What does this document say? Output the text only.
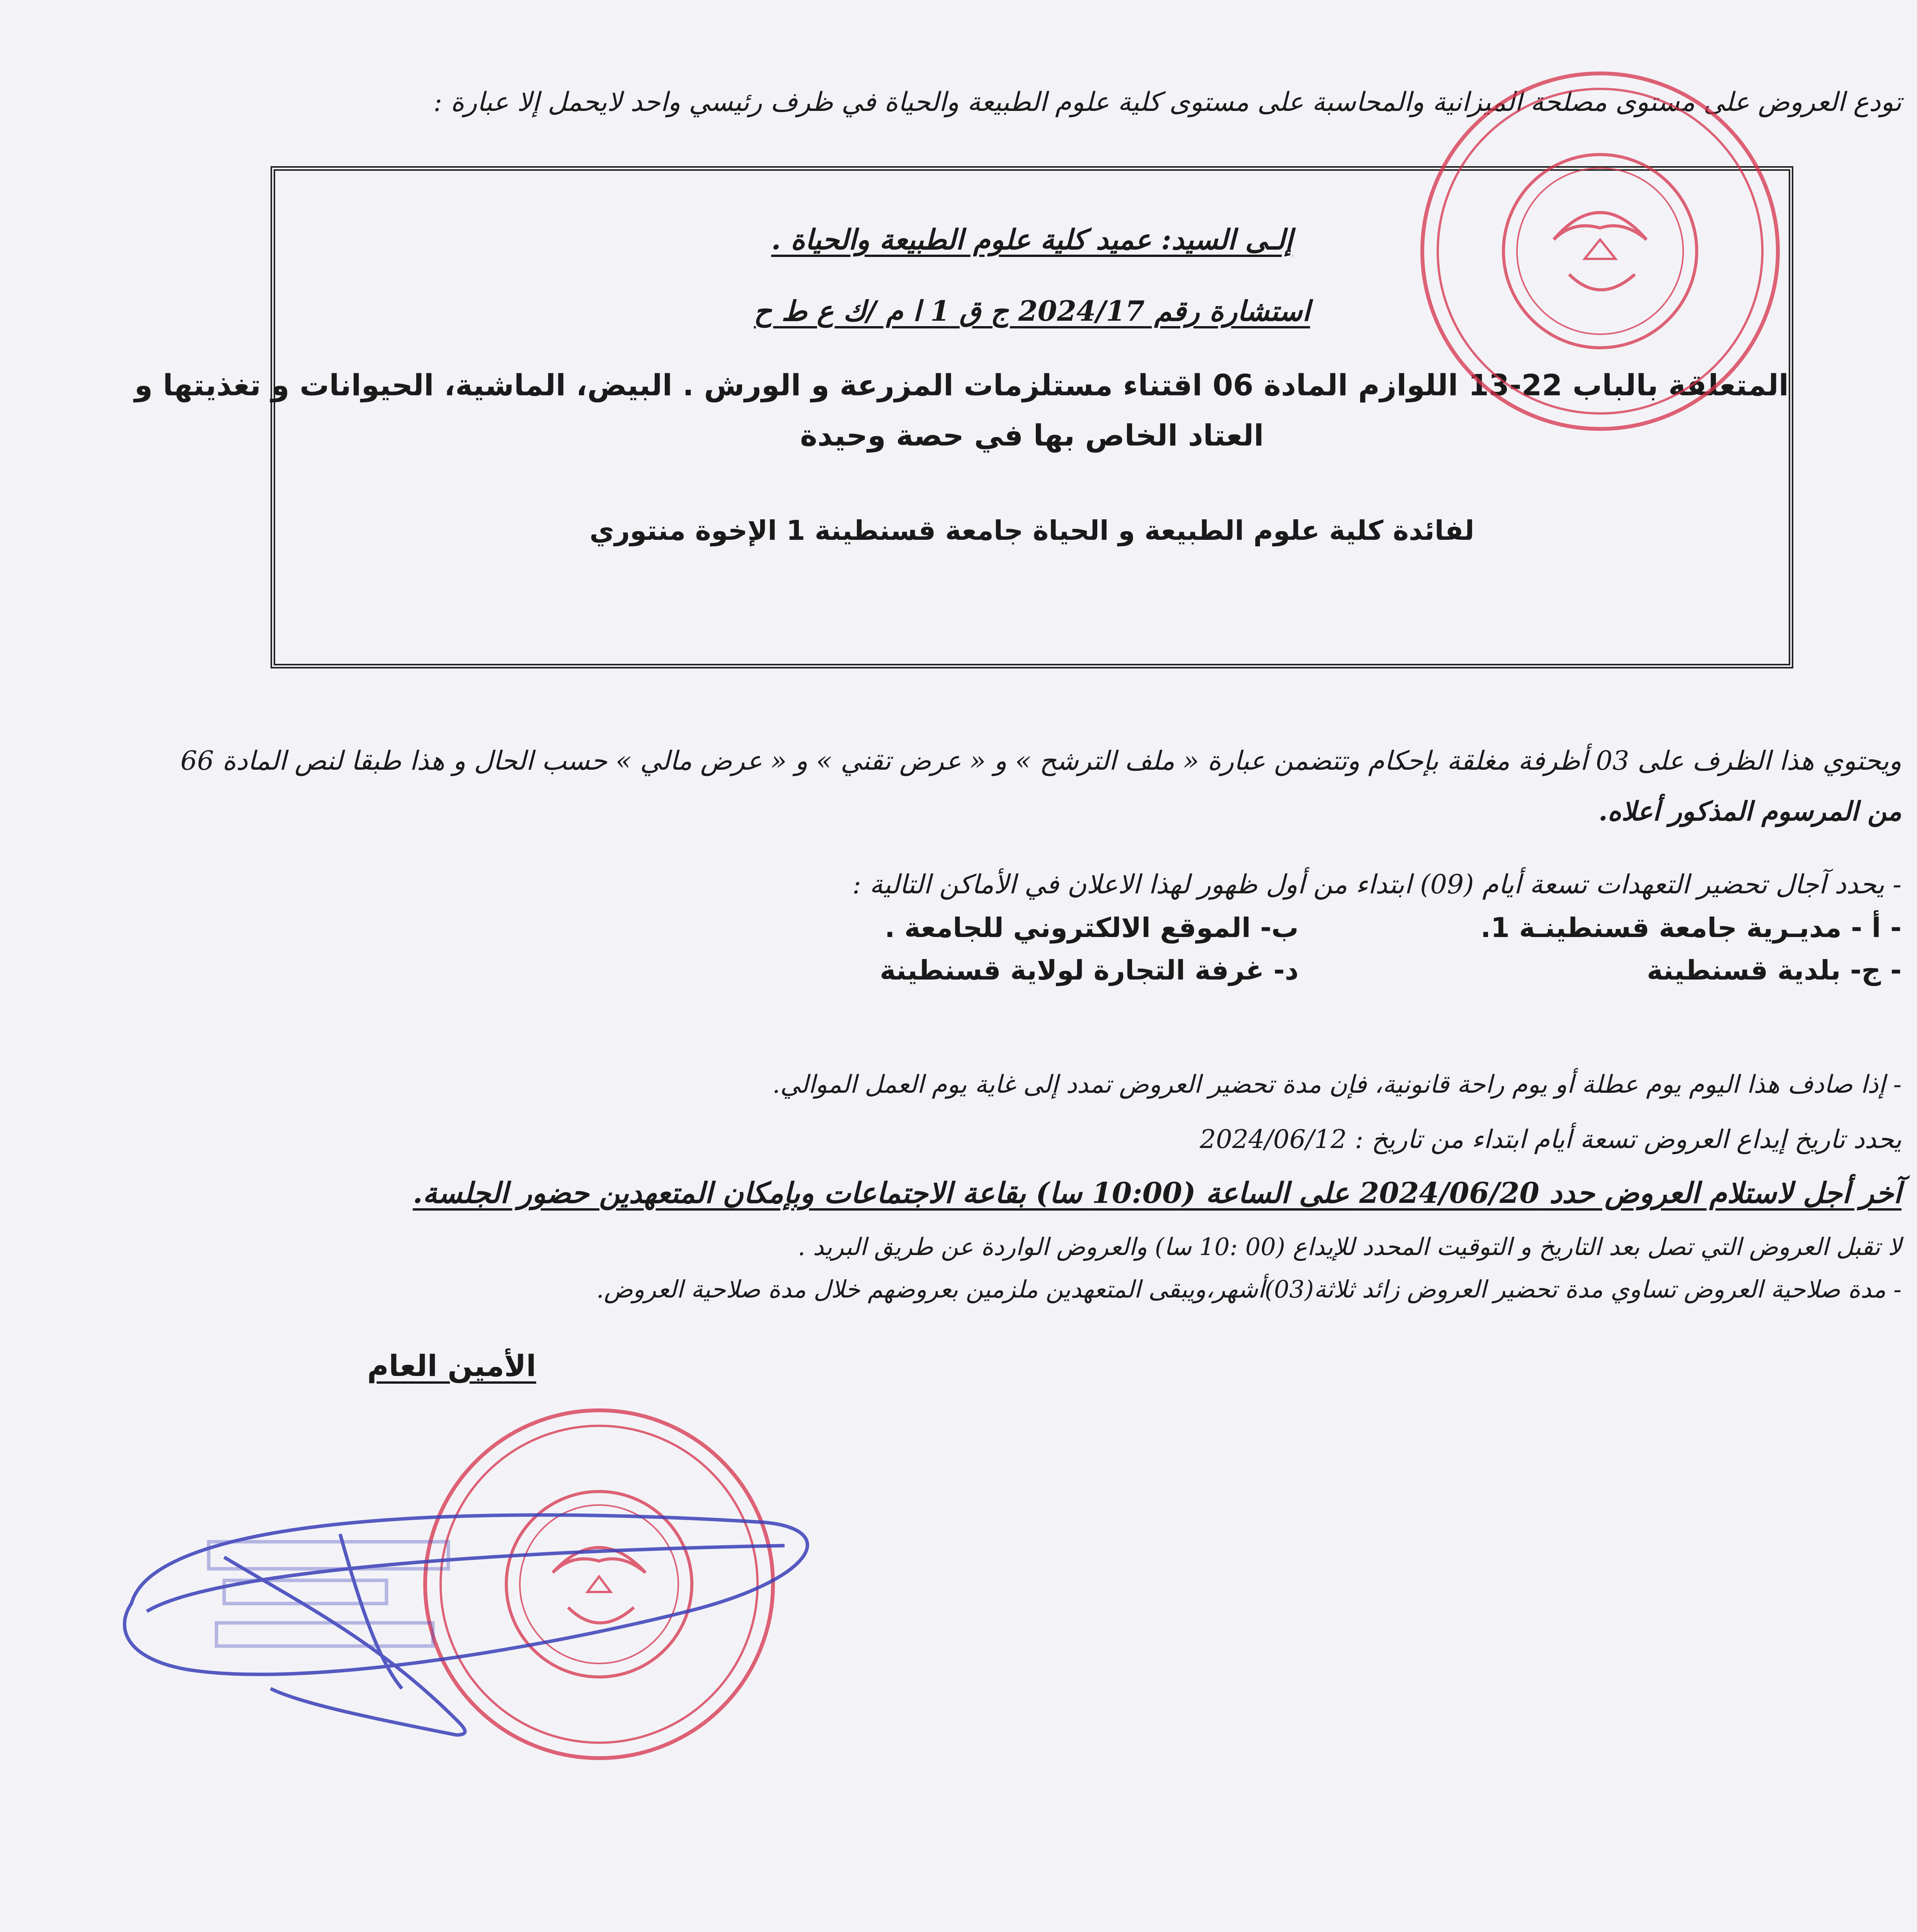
تودع العروض على مستوى مصلحة الميزانية والمحاسبة على مستوى كلية علوم الطبيعة والحياة في ظرف رئيسي واحد لايحمل إلا عبارة :
إلـى السيد: عميد كلية علوم الطبيعة والحياة .
استشارة رقم 2024/17 ج ق 1 ا م /ك ع ط ح
المتعلقة بالباب 22-13 اللوازم المادة 06 اقتناء مستلزمات المزرعة و الورش . البيض، الماشية، الحيوانات و تغذيتها و
العتاد الخاص بها في حصة وحيدة
لفائدة كلية علوم الطبيعة و الحياة جامعة قسنطينة 1 الإخوة منتوري
ويحتوي هذا الظرف على 03 أظرفة مغلقة بإحكام وتتضمن عبارة « ملف الترشح » و « عرض تقني » و « عرض مالي » حسب الحال و هذا طبقا لنص المادة 66
من المرسوم المذكور أعلاه.
- يحدد آجال تحضير التعهدات تسعة أيام (09) ابتداء من أول ظهور لهذا الاعلان في الأماكن التالية :
- أ - مديـرية جامعة قسنطينـة 1.
ب- الموقع الالكتروني للجامعة .
- ج- بلدية قسنطينة
د- غرفة التجارة لولاية قسنطينة
- إذا صادف هذا اليوم يوم عطلة أو يوم راحة قانونية، فإن مدة تحضير العروض تمدد إلى غاية يوم العمل الموالي.
يحدد تاريخ إيداع العروض تسعة أيام ابتداء من تاريخ : 2024/06/12
آخر أجل لاستلام العروض حدد 2024/06/20 على الساعة (10:00 سا) بقاعة الاجتماعات وبإمكان المتعهدين حضور الجلسة.
لا تقبل العروض التي تصل بعد التاريخ و التوقيت المحدد للإيداع (00 :10 سا) والعروض الواردة عن طريق البريد .
- مدة صلاحية العروض تساوي مدة تحضير العروض زائد ثلاثة(03)أشهر،ويبقى المتعهدين ملزمين بعروضهم خلال مدة صلاحية العروض.
الأمين العام
